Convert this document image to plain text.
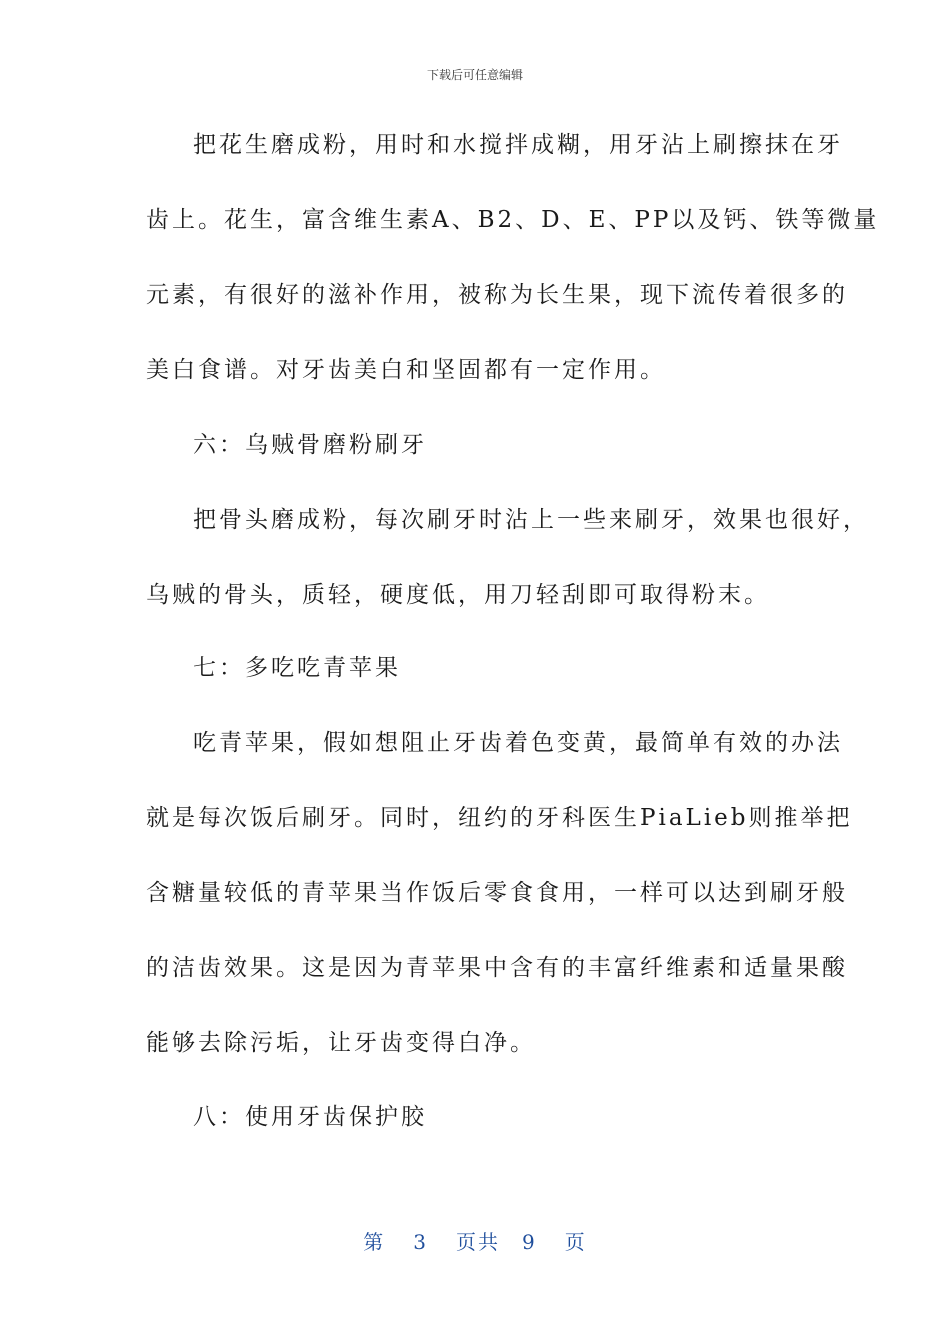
下载后可任意编辑
把花生磨成粉，用时和水搅拌成糊，用牙沾上刷擦抹在牙
齿上。花生，富含维生素A、B2、D、E、PP以及钙、铁等微量
元素，有很好的滋补作用，被称为长生果，现下流传着很多的
美白食谱。对牙齿美白和坚固都有一定作用。
六：乌贼骨磨粉刷牙
把骨头磨成粉，每次刷牙时沾上一些来刷牙，效果也很好，
乌贼的骨头，质轻，硬度低，用刀轻刮即可取得粉末。
七：多吃吃青苹果
吃青苹果，假如想阻止牙齿着色变黄，最简单有效的办法
就是每次饭后刷牙。同时，纽约的牙科医生PiaLieb则推举把
含糖量较低的青苹果当作饭后零食食用，一样可以达到刷牙般
的洁齿效果。这是因为青苹果中含有的丰富纤维素和适量果酸
能够去除污垢，让牙齿变得白净。
八：使用牙齿保护胶
第 3 页共 9 页
